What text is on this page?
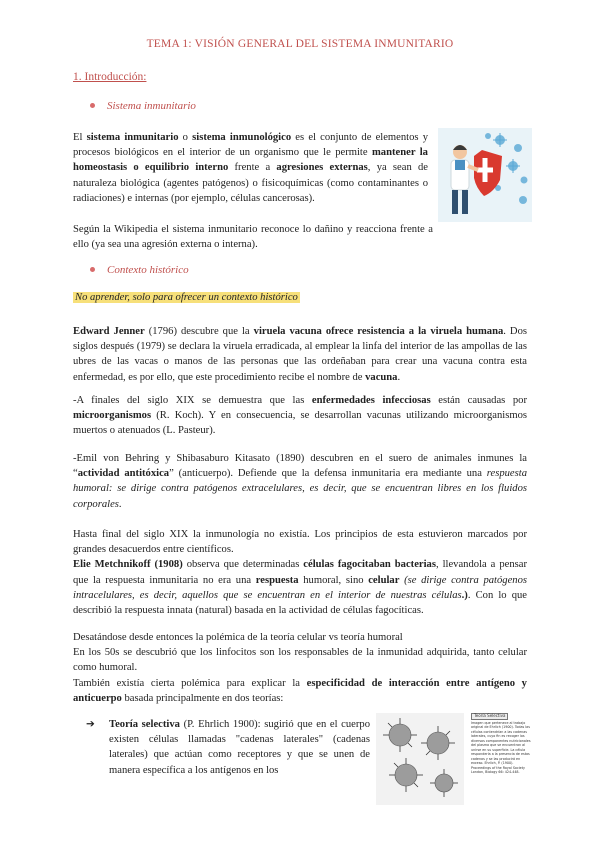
TEMA 1: VISIÓN GENERAL DEL SISTEMA INMUNITARIO
1. Introducción:
Sistema inmunitario
El sistema inmunitario o sistema inmunológico es el conjunto de elementos y procesos biológicos en el interior de un organismo que le permite mantener la homeostasis o equilibrio interno frente a agresiones externas, ya sean de naturaleza biológica (agentes patógenos) o fisicoquímicas (como contaminantes o radiaciones) e internas (por ejemplo, células cancerosas).
Según la Wikipedia el sistema inmunitario reconoce lo dañino y reacciona frente a ello (ya sea una agresión externa o interna).
Contexto histórico
No aprender, solo para ofrecer un contexto histórico
Edward Jenner (1796) descubre que la viruela vacuna ofrece resistencia a la viruela humana. Dos siglos después (1979) se declara la viruela erradicada, al emplear la linfa del interior de las ampollas de las ubres de las vacas o manos de las personas que las ordeñaban para crear una vacuna contra esta enfermedad, es por ello, que este procedimiento recibe el nombre de vacuna.
-A finales del siglo XIX se demuestra que las enfermedades infecciosas están causadas por microorganismos (R. Koch). Y en consecuencia, se desarrollan vacunas utilizando microorganismos muertos o atenuados (L. Pasteur).
-Emil von Behring y Shibasaburo Kitasato (1890) descubren en el suero de animales inmunes la “actividad antitóxica” (anticuerpo). Defiende que la defensa inmunitaria era mediante una respuesta humoral: se dirige contra patógenos extracelulares, es decir, que se encuentran libres en los fluidos corporales.
Hasta final del siglo XIX la inmunología no existía. Los principios de esta estuvieron marcados por grandes desacuerdos entre científicos.
Elie Metchnikoff (1908) observa que determinadas células fagocitaban bacterias, llevandola a pensar que la respuesta inmunitaria no era una respuesta humoral, sino celular (se dirige contra patógenos intracelulares, es decir, aquellos que se encuentran en el interior de nuestras células.). Con lo que describió la respuesta innata (natural) basada en la actividad de células fagocíticas.
Desatándose desde entonces la polémica de la teoría celular vs teoría humoral
En los 50s se descubrió que los linfocitos son los responsables de la inmunidad adquirida, tanto celular como humoral.
También existía cierta polémica para explicar la especificidad de interacción entre antígeno y anticuerpo basada principalmente en dos teorías:
➔ Teoría selectiva (P. Ehrlich 1900): sugirió que en el cuerpo existen células llamadas "cadenas laterales" (cadenas laterales) que actúan como receptores y que se unen de manera específica a los antígenos en los
Teoría Selectiva
Imagen que pertenece al trabajo original de Ehrlich (1900). Todas las células contendrían a las cadenas laterales, cuyo fin es recoger los diversos componentes nutricionales del plasma que se encuentran al unirse en su superficie. La célula respondería a la presencia de estas cadenas y se las producirá en exceso. Ehrlich, P. (1900). Proceedings of the Royal Society London, Biology 66: 424-448.
